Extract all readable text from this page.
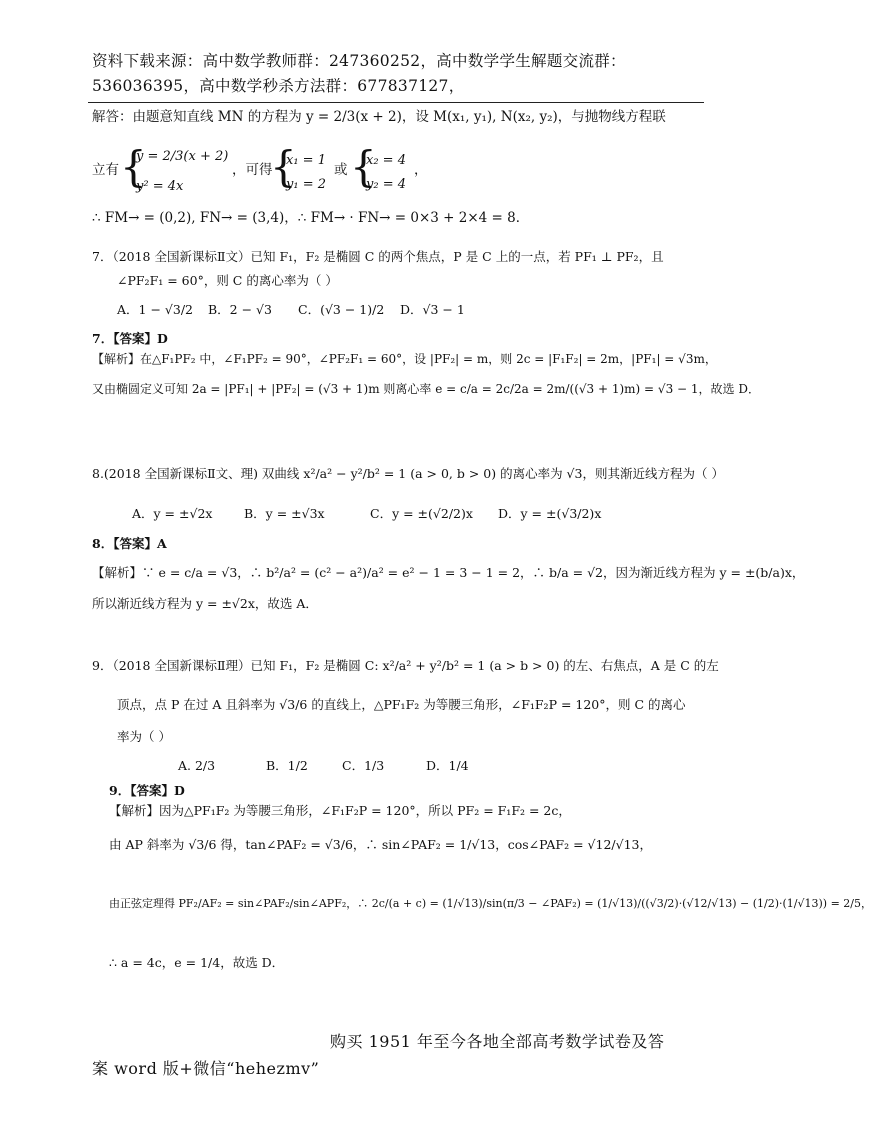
资料下载来源：高中数学教师群：247360252，高中数学学生解题交流群：
536036395，高中数学秒杀方法群：677837127，
解答：由题意知直线 MN 的方程为 y = 2/3(x + 2)，设 M(x₁, y₁), N(x₂, y₂)，与抛物线方程联
立有 {
y = 2/3(x + 2)
y² = 4x
，可得
{
x₁ = 1
y₁ = 2
或 {
x₂ = 4
y₂ = 4
，
∴ FM→ = (0,2), FN→ = (3,4)，∴ FM→ · FN→ = 0×3 + 2×4 = 8．
7．（2018 全国新课标Ⅱ文）已知 F₁，F₂ 是椭圆 C 的两个焦点，P 是 C 上的一点，若 PF₁ ⊥ PF₂，且
∠PF₂F₁ = 60°，则 C 的离心率为（ ）
A．1 − √3/2 B．2 − √3 C．(√3 − 1)/2 D．√3 − 1
7．【答案】D
【解析】在△F₁PF₂ 中，∠F₁PF₂ = 90°，∠PF₂F₁ = 60°，设 |PF₂| = m，则 2c = |F₁F₂| = 2m，|PF₁| = √3m，
又由椭圆定义可知 2a = |PF₁| + |PF₂| = (√3 + 1)m 则离心率 e = c/a = 2c/2a = 2m/((√3 + 1)m) = √3 − 1，故选 D．
8.(2018 全国新课标Ⅱ文、理) 双曲线 x²/a² − y²/b² = 1 (a > 0, b > 0) 的离心率为 √3，则其渐近线方程为（ ）
A．y = ±√2x	B．y = ±√3x	C．y = ±(√2/2)x D．y = ±(√3/2)x
8．【答案】A
【解析】∵ e = c/a = √3，∴ b²/a² = (c² − a²)/a² = e² − 1 = 3 − 1 = 2，∴ b/a = √2，因为渐近线方程为 y = ±(b/a)x，
所以渐近线方程为 y = ±√2x，故选 A．
9．（2018 全国新课标Ⅱ理）已知 F₁，F₂ 是椭圆 C: x²/a² + y²/b² = 1 (a > b > 0) 的左、右焦点，A 是 C 的左
顶点，点 P 在过 A 且斜率为 √3/6 的直线上，△PF₁F₂ 为等腰三角形，∠F₁F₂P = 120°，则 C 的离心
率为（ ）
A. 2/3	B．1/2	C．1/3	D．1/4
9．【答案】D
【解析】因为△PF₁F₂ 为等腰三角形，∠F₁F₂P = 120°，所以 PF₂ = F₁F₂ = 2c，
由 AP 斜率为 √3/6 得，tan∠PAF₂ = √3/6，∴ sin∠PAF₂ = 1/√13，cos∠PAF₂ = √12/√13，
由正弦定理得 PF₂/AF₂ = sin∠PAF₂/sin∠APF₂，∴ 2c/(a + c) = (1/√13)/sin(π/3 − ∠PAF₂) = (1/√13)/((√3/2)·(√12/√13) − (1/2)·(1/√13)) = 2/5，
∴ a = 4c，e = 1/4，故选 D．
购买 1951 年至今各地全部高考数学试卷及答
案 word 版+微信“hehezmv”
